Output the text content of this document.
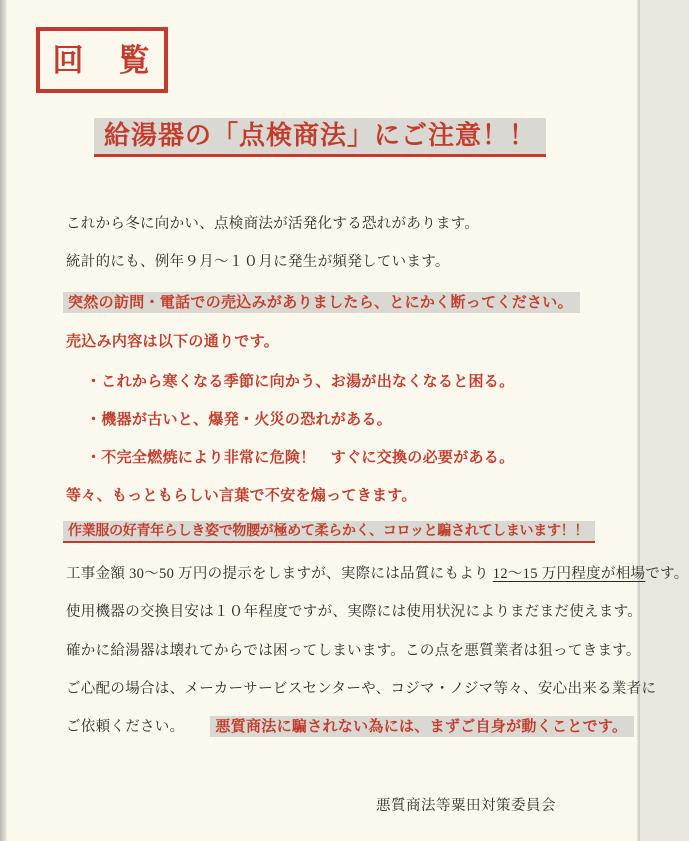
回　覧
給湯器の「点検商法」にご注意！！
これから冬に向かい、点検商法が活発化する恐れがあります。
統計的にも、例年９月～１０月に発生が頻発しています。
突然の訪問・電話での売込みがありましたら、とにかく断ってください。
売込み内容は以下の通りです。
・これから寒くなる季節に向かう、お湯が出なくなると困る。
・機器が古いと、爆発・火災の恐れがある。
・不完全燃焼により非常に危険！　すぐに交換の必要がある。
等々、もっともらしい言葉で不安を煽ってきます。
作業服の好青年らしき姿で物腰が極めて柔らかく、コロッと騙されてしまいます！！
工事金額 30～50 万円の提示をしますが、実際には品質にもより 12～15 万円程度が相場です。
使用機器の交換目安は１０年程度ですが、実際には使用状況によりまだまだ使えます。
確かに給湯器は壊れてからでは困ってしまいます。この点を悪質業者は狙ってきます。
ご心配の場合は、メーカーサービスセンターや、コジマ・ノジマ等々、安心出来る業者に
ご依頼ください。 悪質商法に騙されない為には、まずご自身が動くことです。
悪質商法等粟田対策委員会
